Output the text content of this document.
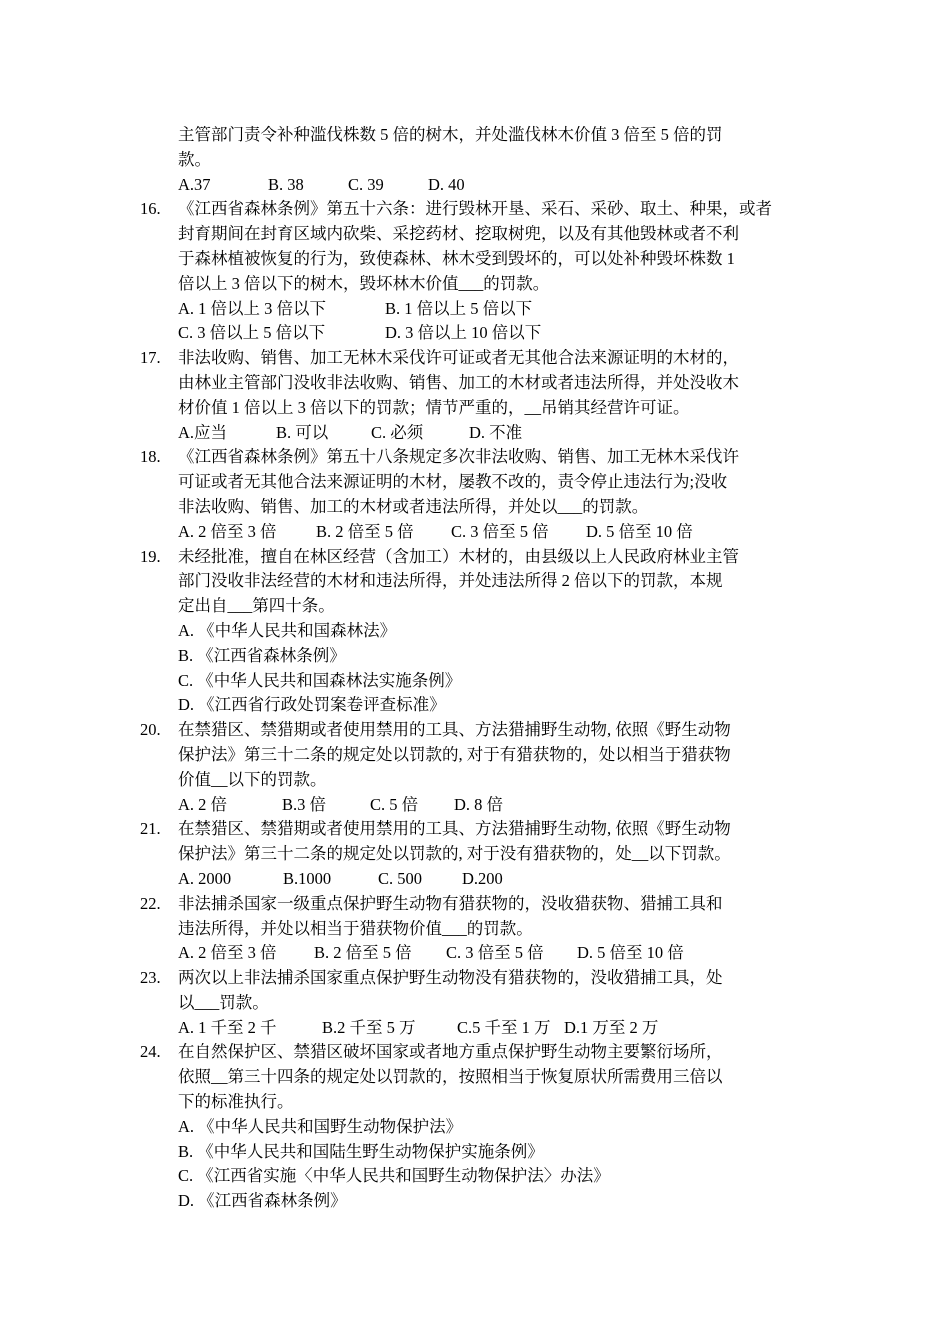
主管部门责令补种滥伐株数 5 倍的树木，并处滥伐林木价值 3 倍至 5 倍的罚
款。
A.37	B. 38	C. 39	D. 40
16.	《江西省森林条例》第五十六条：进行毁林开垦、采石、采砂、取土、种果，或者
封育期间在封育区域内砍柴、采挖药材、挖取树兜，以及有其他毁林或者不利
于森林植被恢复的行为，致使森林、林木受到毁坏的，可以处补种毁坏株数 1
倍以上 3 倍以下的树木，毁坏林木价值___的罚款。
A. 1 倍以上 3 倍以下	B. 1 倍以上 5 倍以下
C. 3 倍以上 5 倍以下	D. 3 倍以上 10 倍以下
17.	非法收购、销售、加工无林木采伐许可证或者无其他合法来源证明的木材的，
由林业主管部门没收非法收购、销售、加工的木材或者违法所得，并处没收木
材价值 1 倍以上 3 倍以下的罚款；情节严重的，__吊销其经营许可证。
A.应当	B. 可以	C. 必须	D. 不准
18.	《江西省森林条例》第五十八条规定多次非法收购、销售、加工无林木采伐许
可证或者无其他合法来源证明的木材，屡教不改的，责令停止违法行为;没收
非法收购、销售、加工的木材或者违法所得，并处以___的罚款。
A. 2 倍至 3 倍	B. 2 倍至 5 倍	C. 3 倍至 5 倍	D. 5 倍至 10 倍
19.	未经批准，擅自在林区经营（含加工）木材的，由县级以上人民政府林业主管
部门没收非法经营的木材和违法所得，并处违法所得 2 倍以下的罚款，本规
定出自___第四十条。
A. 《中华人民共和国森林法》
B. 《江西省森林条例》
C. 《中华人民共和国森林法实施条例》
D. 《江西省行政处罚案卷评查标准》
20.	在禁猎区、禁猎期或者使用禁用的工具、方法猎捕野生动物, 依照《野生动物
保护法》第三十二条的规定处以罚款的, 对于有猎获物的，处以相当于猎获物
价值__以下的罚款。
A. 2 倍	B.3 倍	C. 5 倍	D. 8 倍
21.	在禁猎区、禁猎期或者使用禁用的工具、方法猎捕野生动物, 依照《野生动物
保护法》第三十二条的规定处以罚款的, 对于没有猎获物的，处__以下罚款。
A. 2000	B.1000	C. 500	D.200
22.	非法捕杀国家一级重点保护野生动物有猎获物的，没收猎获物、猎捕工具和
违法所得，并处以相当于猎获物价值___的罚款。
A. 2 倍至 3 倍	B. 2 倍至 5 倍	C. 3 倍至 5 倍	D. 5 倍至 10 倍
23.	两次以上非法捕杀国家重点保护野生动物没有猎获物的，没收猎捕工具，处
以___罚款。
A. 1 千至 2 千	B.2 千至 5 万	C.5 千至 1 万 D.1 万至 2 万
24.	在自然保护区、禁猎区破坏国家或者地方重点保护野生动物主要繁衍场所，
依照__第三十四条的规定处以罚款的，按照相当于恢复原状所需费用三倍以
下的标准执行。
A. 《中华人民共和国野生动物保护法》
B. 《中华人民共和国陆生野生动物保护实施条例》
C. 《江西省实施〈中华人民共和国野生动物保护法〉办法》
D. 《江西省森林条例》
